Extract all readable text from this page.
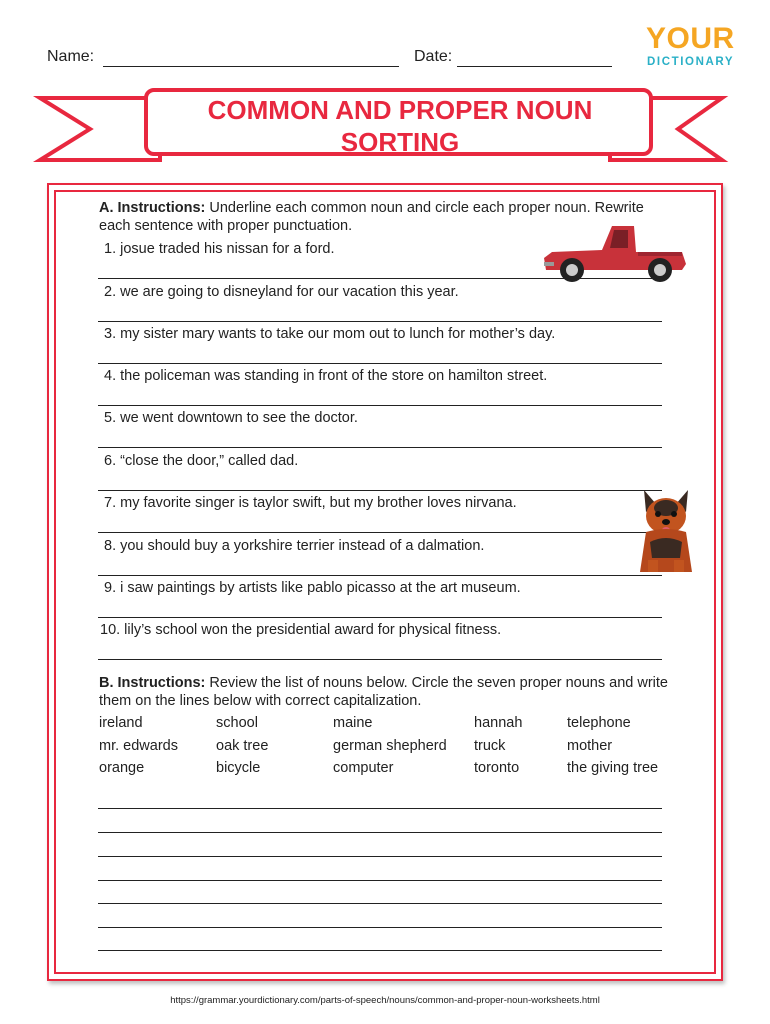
Name:	Date:
YOUR
DICTIONARY
COMMON AND PROPER NOUN
SORTING
A. Instructions: Underline each common noun and circle each proper noun. Rewrite each sentence with proper punctuation.
1. josue traded his nissan for a ford.
2. we are going to disneyland for our vacation this year.
3. my sister mary wants to take our mom out to lunch for mother’s day.
4. the policeman was standing in front of the store on hamilton street.
5. we went downtown to see the doctor.
6. “close the door,” called dad.
7. my favorite singer is taylor swift, but my brother loves nirvana.
8. you should buy a yorkshire terrier instead of a dalmation.
9. i saw paintings by artists like pablo picasso at the art museum.
10. lily’s school won the presidential award for physical fitness.
B. Instructions: Review the list of nouns below. Circle the seven proper nouns and write them on the lines below with correct capitalization.
ireland
mr. edwards
orange
school
oak tree
bicycle
maine
german shepherd
computer
hannah
truck
toronto
telephone
mother
the giving tree
https://grammar.yourdictionary.com/parts-of-speech/nouns/common-and-proper-noun-worksheets.html
